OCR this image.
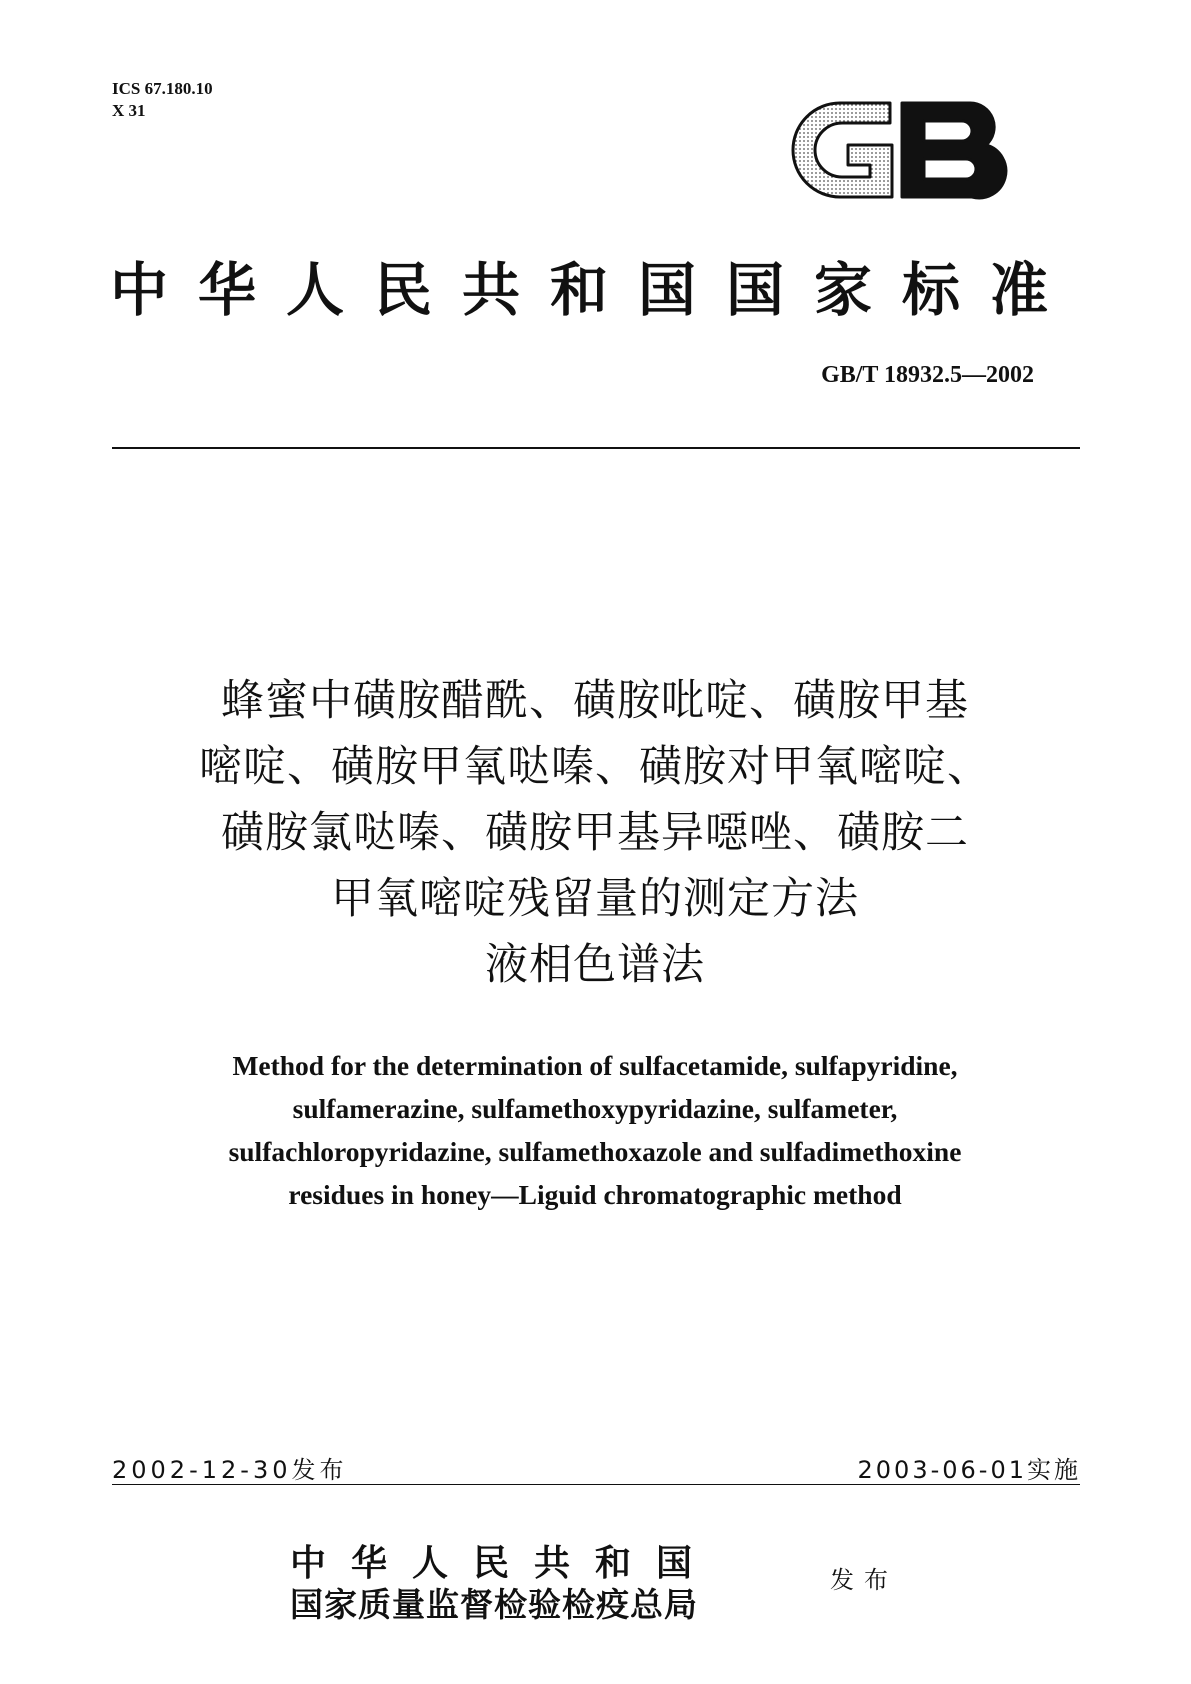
ICS 67.180.10
X 31
中华人民共和国国家标准
GB/T 18932.5—2002
蜂蜜中磺胺醋酰、磺胺吡啶、磺胺甲基
嘧啶、磺胺甲氧哒嗪、磺胺对甲氧嘧啶、
磺胺氯哒嗪、磺胺甲基异噁唑、磺胺二
甲氧嘧啶残留量的测定方法
液相色谱法
Method for the determination of sulfacetamide, sulfapyridine,
sulfamerazine, sulfamethoxypyridazine, sulfameter,
sulfachloropyridazine, sulfamethoxazole and sulfadimethoxine
residues in honey—Liguid chromatographic method
2002-12-30发布	2003-06-01实施
中华人民共和国
国家质量监督检验检疫总局
发布
